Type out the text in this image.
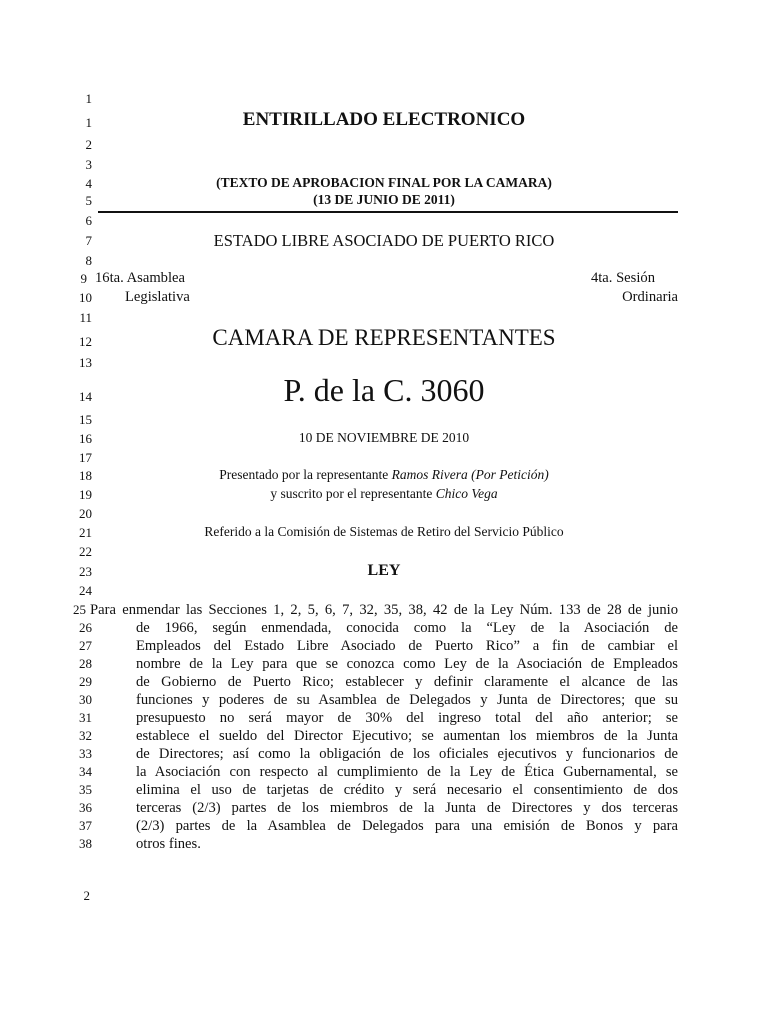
1
1
2
3
4
5
6
7
8
9
10
11
12
13
14
15
16
17
18
19
20
21
22
23
24
25
26
27
28
29
30
31
32
33
34
35
36
37
38
ENTIRILLADO ELECTRONICO
(TEXTO DE APROBACION FINAL POR LA CAMARA)
(13 DE JUNIO DE 2011)
ESTADO LIBRE ASOCIADO DE PUERTO RICO
16ta. Asamblea
Legislativa
4ta. Sesión
Ordinaria
CAMARA DE REPRESENTANTES
P. de la C. 3060
10 DE NOVIEMBRE DE 2010
Presentado por la representante Ramos Rivera (Por Petición)
y suscrito por el representante Chico Vega
Referido a la Comisión de Sistemas de Retiro del Servicio Público
LEY
Para enmendar las Secciones 1, 2, 5, 6, 7, 32, 35, 38, 42 de la Ley Núm. 133 de 28 de junio
de 1966, según enmendada, conocida como la “Ley de la Asociación de
Empleados del Estado Libre Asociado de Puerto Rico” a fin de cambiar el
nombre de la Ley para que se conozca como Ley de la Asociación de Empleados
de Gobierno de Puerto Rico; establecer y definir claramente el alcance de las
funciones y poderes de su Asamblea de Delegados y Junta de Directores; que su
presupuesto no será mayor de 30% del ingreso total del año anterior; se
establece el sueldo del Director Ejecutivo; se aumentan los miembros de la Junta
de Directores; así como la obligación de los oficiales ejecutivos y funcionarios de
la Asociación con respecto al cumplimiento de la Ley de Ética Gubernamental, se
elimina el uso de tarjetas de crédito y será necesario el consentimiento de dos
terceras (2/3) partes de los miembros de la Junta de Directores y dos terceras
(2/3) partes de la Asamblea de Delegados para una emisión de Bonos y para
otros fines.
2
